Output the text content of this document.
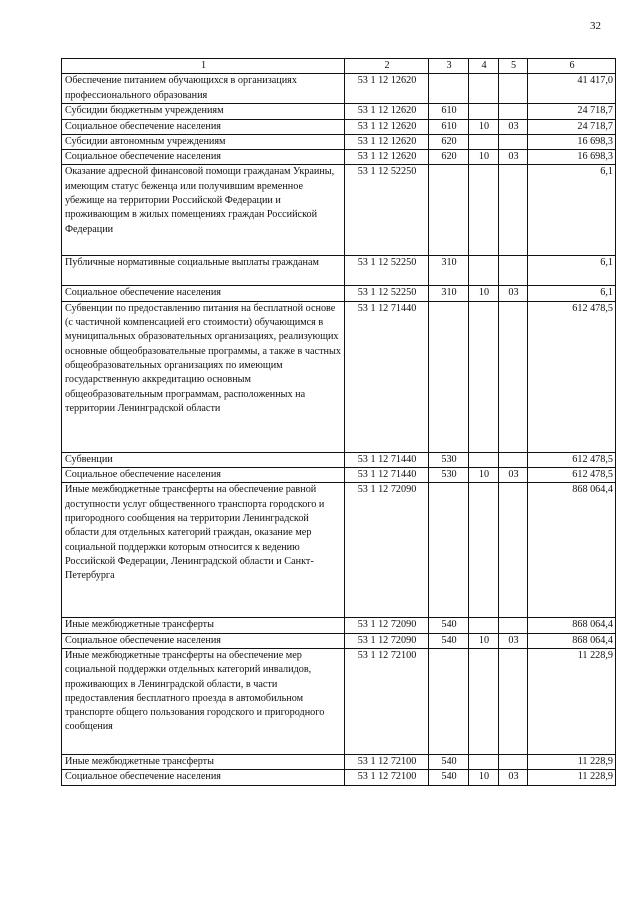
32
1	2	3	4	5	6
Обеспечение питанием обучающихся в организациях профессионального образования	53 1 12 12620				41 417,0
Субсидии бюджетным учреждениям	53 1 12 12620	610			24 718,7
Социальное обеспечение населения	53 1 12 12620	610	10	03	24 718,7
Субсидии автономным учреждениям	53 1 12 12620	620			16 698,3
Социальное обеспечение населения	53 1 12 12620	620	10	03	16 698,3
Оказание адресной финансовой помощи гражданам Украины, имеющим статус беженца или получившим временное убежище на территории Российской Федерации и проживающим в жилых помещениях граждан Российской Федерации	53 1 12 52250				6,1
Публичные нормативные социальные выплаты гражданам	53 1 12 52250	310			6,1
Социальное обеспечение населения	53 1 12 52250	310	10	03	6,1
Субвенции по предоставлению питания на бесплатной основе (с частичной компенсацией его стоимости) обучающимся в муниципальных образовательных организациях, реализующих основные общеобразовательные программы, а также в частных общеобразовательных организациях по имеющим государственную аккредитацию основным общеобразовательным программам, расположенных на территории Ленинградской области	53 1 12 71440				612 478,5
Субвенции	53 1 12 71440	530			612 478,5
Социальное обеспечение населения	53 1 12 71440	530	10	03	612 478,5
Иные межбюджетные трансферты на обеспечение равной доступности услуг общественного транспорта городского и пригородного сообщения на территории Ленинградской области для отдельных категорий граждан, оказание мер социальной поддержки которым относится к ведению Российской Федерации, Ленинградской области и Санкт-Петербурга	53 1 12 72090				868 064,4
Иные межбюджетные трансферты	53 1 12 72090	540			868 064,4
Социальное обеспечение населения	53 1 12 72090	540	10	03	868 064,4
Иные межбюджетные трансферты на обеспечение мер социальной поддержки отдельных категорий инвалидов, проживающих в Ленинградской области, в части предоставления бесплатного проезда в автомобильном транспорте общего пользования городского и пригородного сообщения	53 1 12 72100				11 228,9
Иные межбюджетные трансферты	53 1 12 72100	540			11 228,9
Социальное обеспечение населения	53 1 12 72100	540	10	03	11 228,9
